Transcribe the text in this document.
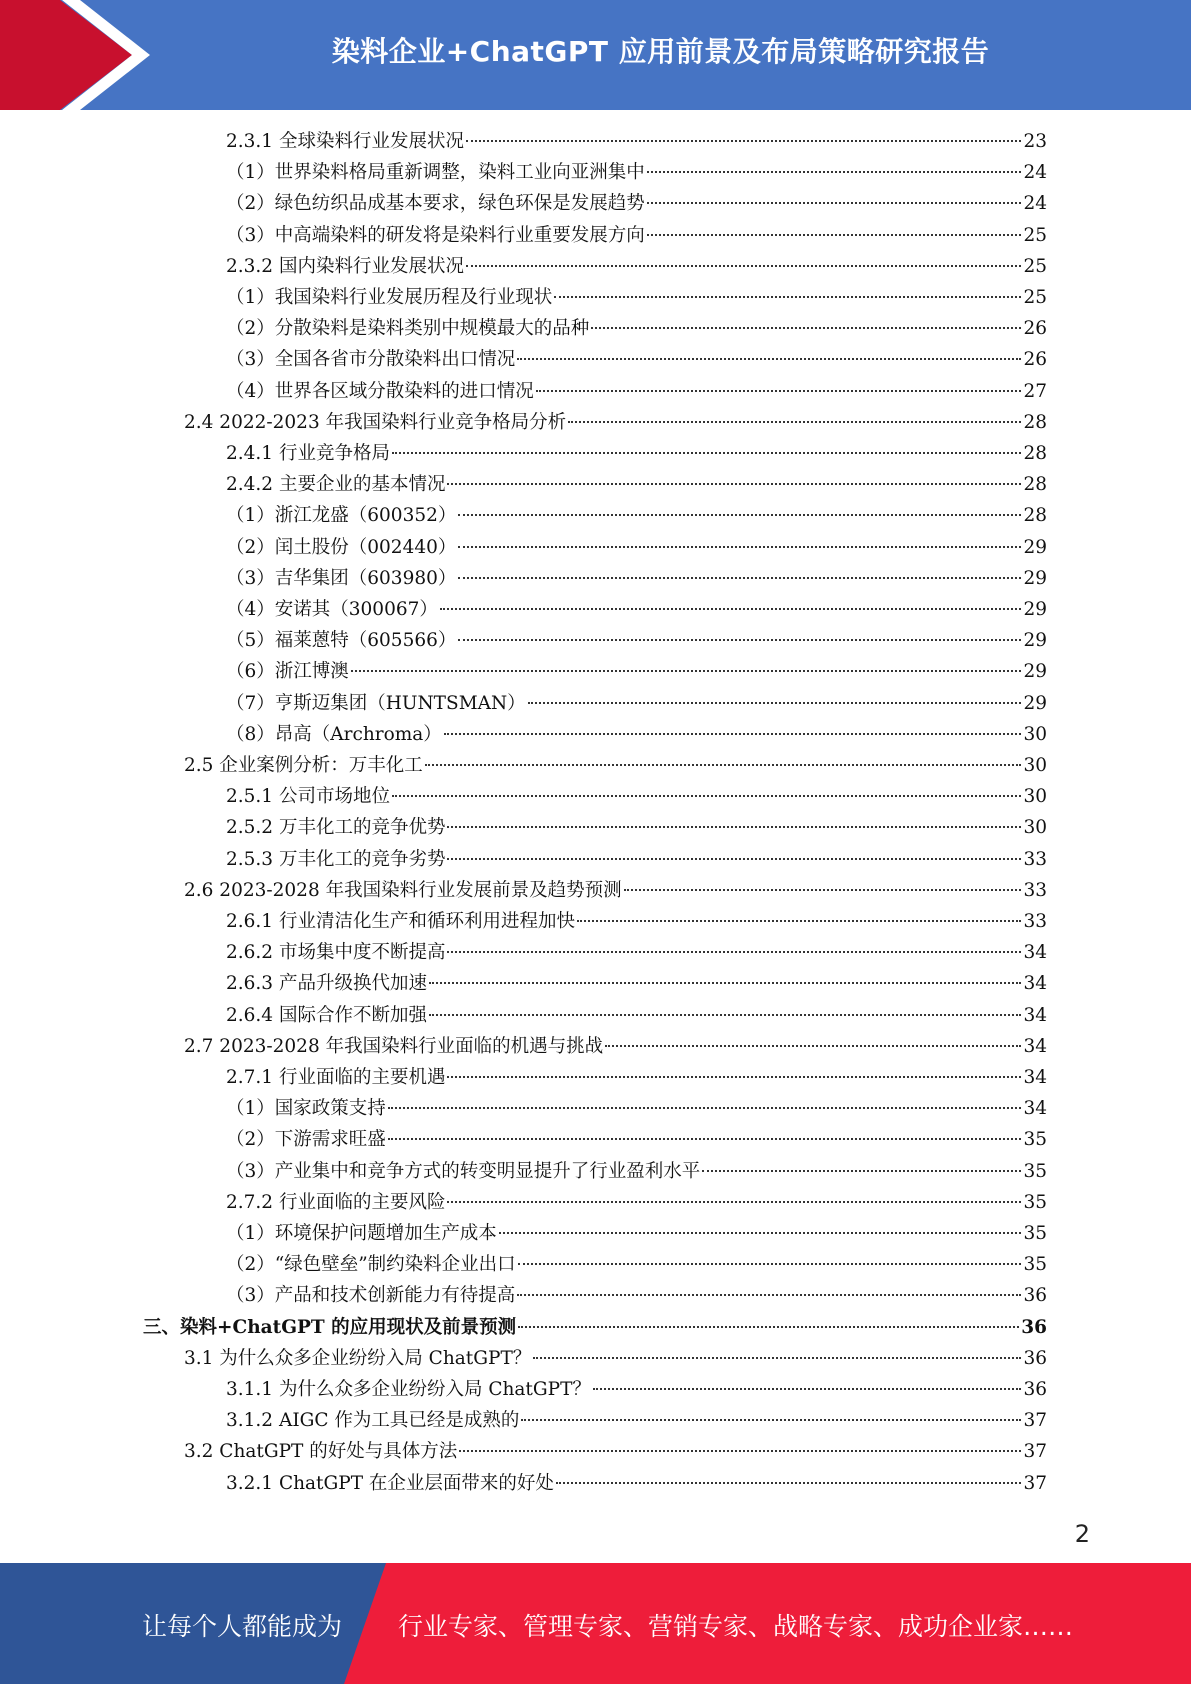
染料企业+ChatGPT 应用前景及布局策略研究报告
2.3.1 全球染料行业发展状况	23
（1）世界染料格局重新调整，染料工业向亚洲集中	24
（2）绿色纺织品成基本要求，绿色环保是发展趋势	24
（3）中高端染料的研发将是染料行业重要发展方向	25
2.3.2 国内染料行业发展状况	25
（1）我国染料行业发展历程及行业现状	25
（2）分散染料是染料类别中规模最大的品种	26
（3）全国各省市分散染料出口情况	26
（4）世界各区域分散染料的进口情况	27
2.4 2022-2023 年我国染料行业竞争格局分析	28
2.4.1 行业竞争格局	28
2.4.2 主要企业的基本情况	28
（1）浙江龙盛（600352）	28
（2）闰土股份（002440）	29
（3）吉华集团（603980）	29
（4）安诺其（300067）	29
（5）福莱蒽特（605566）	29
（6）浙江博澳	29
（7）亨斯迈集团（HUNTSMAN）	29
（8）昂高（Archroma）	30
2.5 企业案例分析：万丰化工	30
2.5.1 公司市场地位	30
2.5.2 万丰化工的竞争优势	30
2.5.3 万丰化工的竞争劣势	33
2.6 2023-2028 年我国染料行业发展前景及趋势预测	33
2.6.1 行业清洁化生产和循环利用进程加快	33
2.6.2 市场集中度不断提高	34
2.6.3 产品升级换代加速	34
2.6.4 国际合作不断加强	34
2.7 2023-2028 年我国染料行业面临的机遇与挑战	34
2.7.1 行业面临的主要机遇	34
（1）国家政策支持	34
（2）下游需求旺盛	35
（3）产业集中和竞争方式的转变明显提升了行业盈利水平	35
2.7.2 行业面临的主要风险	35
（1）环境保护问题增加生产成本	35
（2）“绿色壁垒”制约染料企业出口	35
（3）产品和技术创新能力有待提高	36
三、染料+ChatGPT 的应用现状及前景预测	36
3.1 为什么众多企业纷纷入局 ChatGPT？	36
3.1.1 为什么众多企业纷纷入局 ChatGPT？	36
3.1.2 AIGC 作为工具已经是成熟的	37
3.2 ChatGPT 的好处与具体方法	37
3.2.1 ChatGPT 在企业层面带来的好处	37
2
让每个人都能成为 行业专家、管理专家、营销专家、战略专家、成功企业家……
